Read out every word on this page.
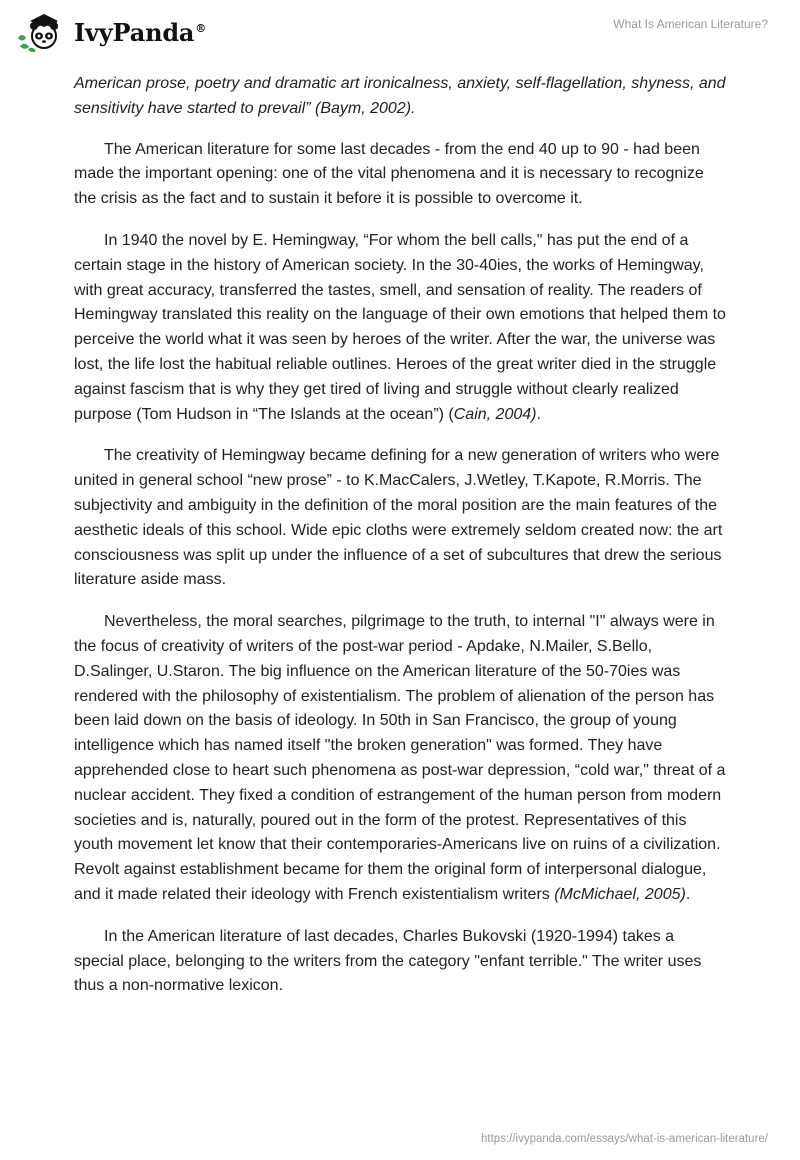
IvyPanda®	What Is American Literature?

American prose, poetry and dramatic art ironicalness, anxiety, self-flagellation, shyness, and sensitivity have started to prevail” (Baym, 2002).

The American literature for some last decades - from the end 40 up to 90 - had been made the important opening: one of the vital phenomena and it is necessary to recognize the crisis as the fact and to sustain it before it is possible to overcome it.

In 1940 the novel by E. Hemingway, “For whom the bell calls," has put the end of a certain stage in the history of American society. In the 30-40ies, the works of Hemingway, with great accuracy, transferred the tastes, smell, and sensation of reality. The readers of Hemingway translated this reality on the language of their own emotions that helped them to perceive the world what it was seen by heroes of the writer. After the war, the universe was lost, the life lost the habitual reliable outlines. Heroes of the great writer died in the struggle against fascism that is why they get tired of living and struggle without clearly realized purpose (Tom Hudson in “The Islands at the ocean”) (Cain, 2004).

The creativity of Hemingway became defining for a new generation of writers who were united in general school “new prose” - to K.MacCalers, J.Wetley, T.Kapote, R.Morris. The subjectivity and ambiguity in the definition of the moral position are the main features of the aesthetic ideals of this school. Wide epic cloths were extremely seldom created now: the art consciousness was split up under the influence of a set of subcultures that drew the serious literature aside mass.

Nevertheless, the moral searches, pilgrimage to the truth, to internal "I" always were in the focus of creativity of writers of the post-war period - Apdake, N.Mailer, S.Bello, D.Salinger, U.Staron. The big influence on the American literature of the 50-70ies was rendered with the philosophy of existentialism. The problem of alienation of the person has been laid down on the basis of ideology. In 50th in San Francisco, the group of young intelligence which has named itself "the broken generation" was formed. They have apprehended close to heart such phenomena as post-war depression, “cold war," threat of a nuclear accident. They fixed a condition of estrangement of the human person from modern societies and is, naturally, poured out in the form of the protest. Representatives of this youth movement let know that their contemporaries-Americans live on ruins of a civilization. Revolt against establishment became for them the original form of interpersonal dialogue, and it made related their ideology with French existentialism writers (McMichael, 2005).

In the American literature of last decades, Charles Bukovski (1920-1994) takes a special place, belonging to the writers from the category "enfant terrible." The writer uses thus a non-normative lexicon.

https://ivypanda.com/essays/what-is-american-literature/
